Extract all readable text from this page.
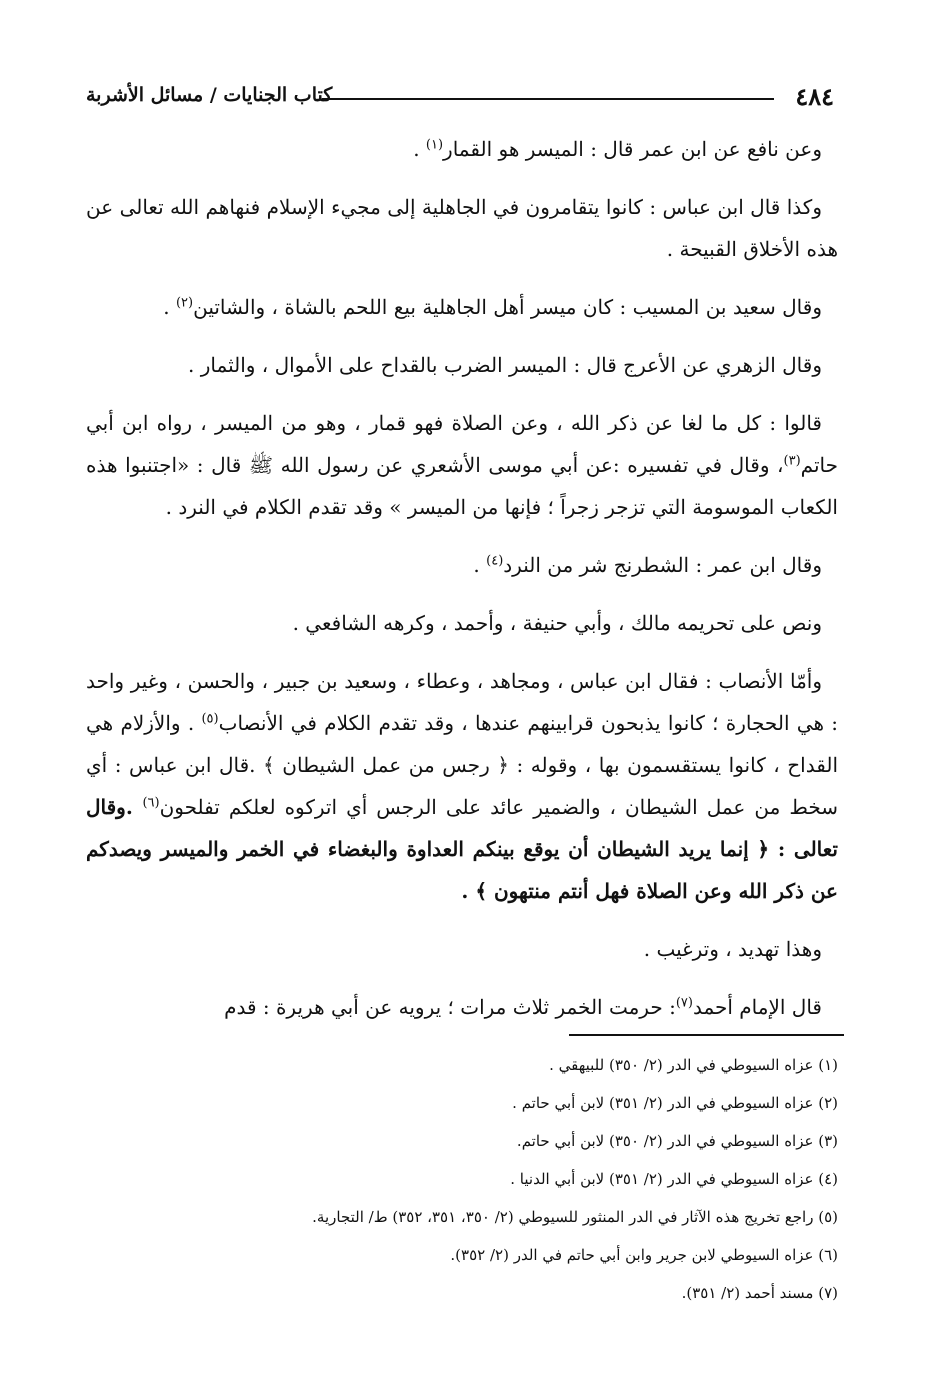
٤٨٤
كتاب الجنايات / مسائل الأشربة

وعن نافع عن ابن عمر قال : الميسر هو القمار$^{(١)}$ .

وكذا قال ابن عباس : كانوا يتقامرون في الجاهلية إلى مجيء الإسلام فنهاهم الله تعالى عن هذه الأخلاق القبيحة .

وقال سعيد بن المسيب : كان ميسر أهل الجاهلية بيع اللحم بالشاة ، والشاتين$^{(٢)}$ .

وقال الزهري عن الأعرج قال : الميسر الضرب بالقداح على الأموال ، والثمار .

قالوا : كل ما لغا عن ذكر الله ، وعن الصلاة فهو قمار ، وهو من الميسر ، رواه ابن أبي حاتم$^{(٣)}$، وقال في تفسيره :عن أبي موسى الأشعري عن رسول الله ﷺ قال : «اجتنبوا هذه الكعاب الموسومة التي تزجر زجراً ؛ فإنها من الميسر » وقد تقدم الكلام في النرد .

وقال ابن عمر : الشطرنج شر من النرد$^{(٤)}$ .

ونص على تحريمه مالك ، وأبي حنيفة ، وأحمد ، وكرهه الشافعي .

وأمّا الأنصاب : فقال ابن عباس ، ومجاهد ، وعطاء ، وسعيد بن جبير ، والحسن ، وغير واحد : هي الحجارة ؛ كانوا يذبحون قرابينهم عندها ، وقد تقدم الكلام في الأنصاب$^{(٥)}$ . والأزلام هي القداح ، كانوا يستقسمون بها ، وقوله : ﴿ رجس من عمل الشيطان ﴾ .قال ابن عباس : أي سخط من عمل الشيطان ، والضمير عائد على الرجس أي اتركوه لعلكم تفلحون$^{(٦)}$ .وقال تعالى : ﴿ إنما يريد الشيطان أن يوقع بينكم العداوة والبغضاء في الخمر والميسر ويصدكم عن ذكر الله وعن الصلاة فهل أنتم منتهون ﴾ .

وهذا تهديد ، وترغيب .

قال الإمام أحمد$^{(٧)}$: حرمت الخمر ثلاث مرات ؛ يرويه عن أبي هريرة : قدم

(١) عزاه السيوطي في الدر (٢/ ٣٥٠) للبيهقي .
(٢) عزاه السيوطي في الدر (٢/ ٣٥١) لابن أبي حاتم .
(٣) عزاه السيوطي في الدر (٢/ ٣٥٠) لابن أبي حاتم.
(٤) عزاه السيوطي في الدر (٢/ ٣٥١) لابن أبي الدنيا .
(٥) راجع تخريج هذه الآثار في الدر المنثور للسيوطي (٢/ ٣٥٠، ٣٥١، ٣٥٢) ط/ التجارية.
(٦) عزاه السيوطي لابن جرير وابن أبي حاتم في الدر (٢/ ٣٥٢).
(٧) مسند أحمد (٢/ ٣٥١).
